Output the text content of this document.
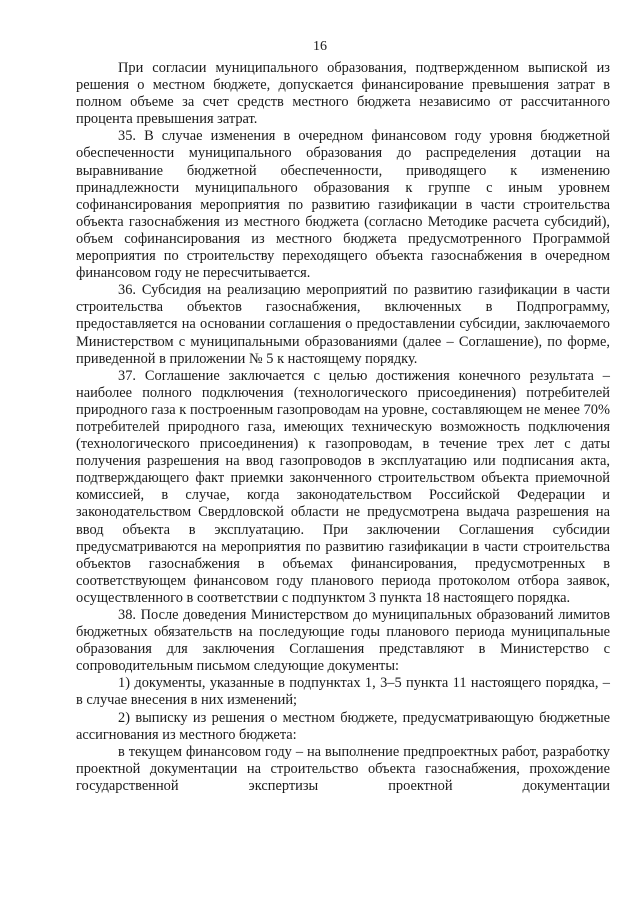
16

При согласии муниципального образования, подтвержденном выпиской из решения о местном бюджете, допускается финансирование превышения затрат в полном объеме за счет средств местного бюджета независимо от рассчитанного процента превышения затрат.

35. В случае изменения в очередном финансовом году уровня бюджетной обеспеченности муниципального образования до распределения дотации на выравнивание бюджетной обеспеченности, приводящего к изменению принадлежности муниципального образования к группе с иным уровнем софинансирования мероприятия по развитию газификации в части строительства объекта газоснабжения из местного бюджета (согласно Методике расчета субсидий), объем софинансирования из местного бюджета предусмотренного Программой мероприятия по строительству переходящего объекта газоснабжения в очередном финансовом году не пересчитывается.

36. Субсидия на реализацию мероприятий по развитию газификации в части строительства объектов газоснабжения, включенных в Подпрограмму, предоставляется на основании соглашения о предоставлении субсидии, заключаемого Министерством с муниципальными образованиями (далее – Соглашение), по форме, приведенной в приложении № 5 к настоящему порядку.

37. Соглашение заключается с целью достижения конечного результата – наиболее полного подключения (технологического присоединения) потребителей природного газа к построенным газопроводам на уровне, составляющем не менее 70% потребителей природного газа, имеющих техническую возможность подключения (технологического присоединения) к газопроводам, в течение трех лет с даты получения разрешения на ввод газопроводов в эксплуатацию или подписания акта, подтверждающего факт приемки законченного строительством объекта приемочной комиссией, в случае, когда законодательством Российской Федерации и законодательством Свердловской области не предусмотрена выдача разрешения на ввод объекта в эксплуатацию. При заключении Соглашения субсидии предусматриваются на мероприятия по развитию газификации в части строительства объектов газоснабжения в объемах финансирования, предусмотренных в соответствующем финансовом году планового периода протоколом отбора заявок, осуществленного в соответствии с подпунктом 3 пункта 18 настоящего порядка.

38. После доведения Министерством до муниципальных образований лимитов бюджетных обязательств на последующие годы планового периода муниципальные образования для заключения Соглашения представляют в Министерство с сопроводительным письмом следующие документы:

1) документы, указанные в подпунктах 1, 3–5 пункта 11 настоящего порядка, – в случае внесения в них изменений;

2) выписку из решения о местном бюджете, предусматривающую бюджетные ассигнования из местного бюджета:

в текущем финансовом году – на выполнение предпроектных работ, разработку проектной документации на строительство объекта газоснабжения, прохождение государственной экспертизы проектной документации
